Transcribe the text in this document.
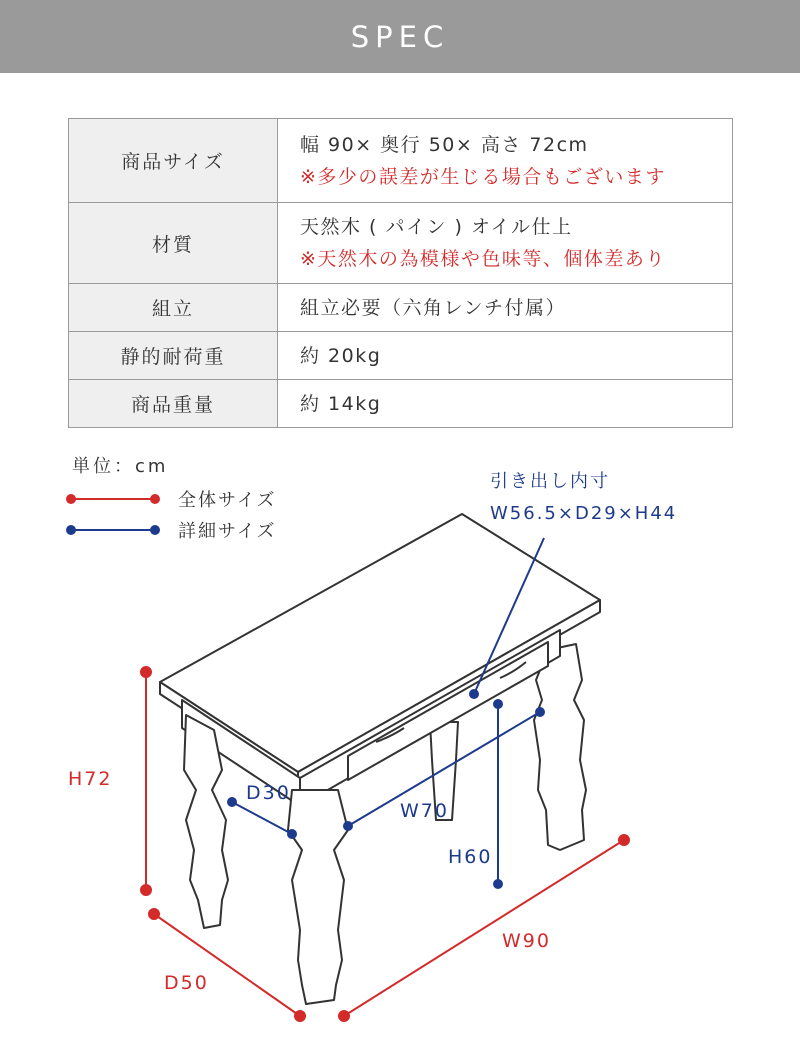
SPEC
商品サイズ	幅 90× 奥行 50× 高さ 72cm
※多少の誤差が生じる場合もございます

材質	天然木 ( パイン ) オイル仕上
※天然木の為模様や色味等、個体差あり

組立	組立必要（六角レンチ付属）
静的耐荷重	約 20kg
商品重量	約 14kg
単位：cm
全体サイズ
詳細サイズ
引き出し内寸
W56.5×D29×H44
H72
D50
W90
D30
W70
H60
